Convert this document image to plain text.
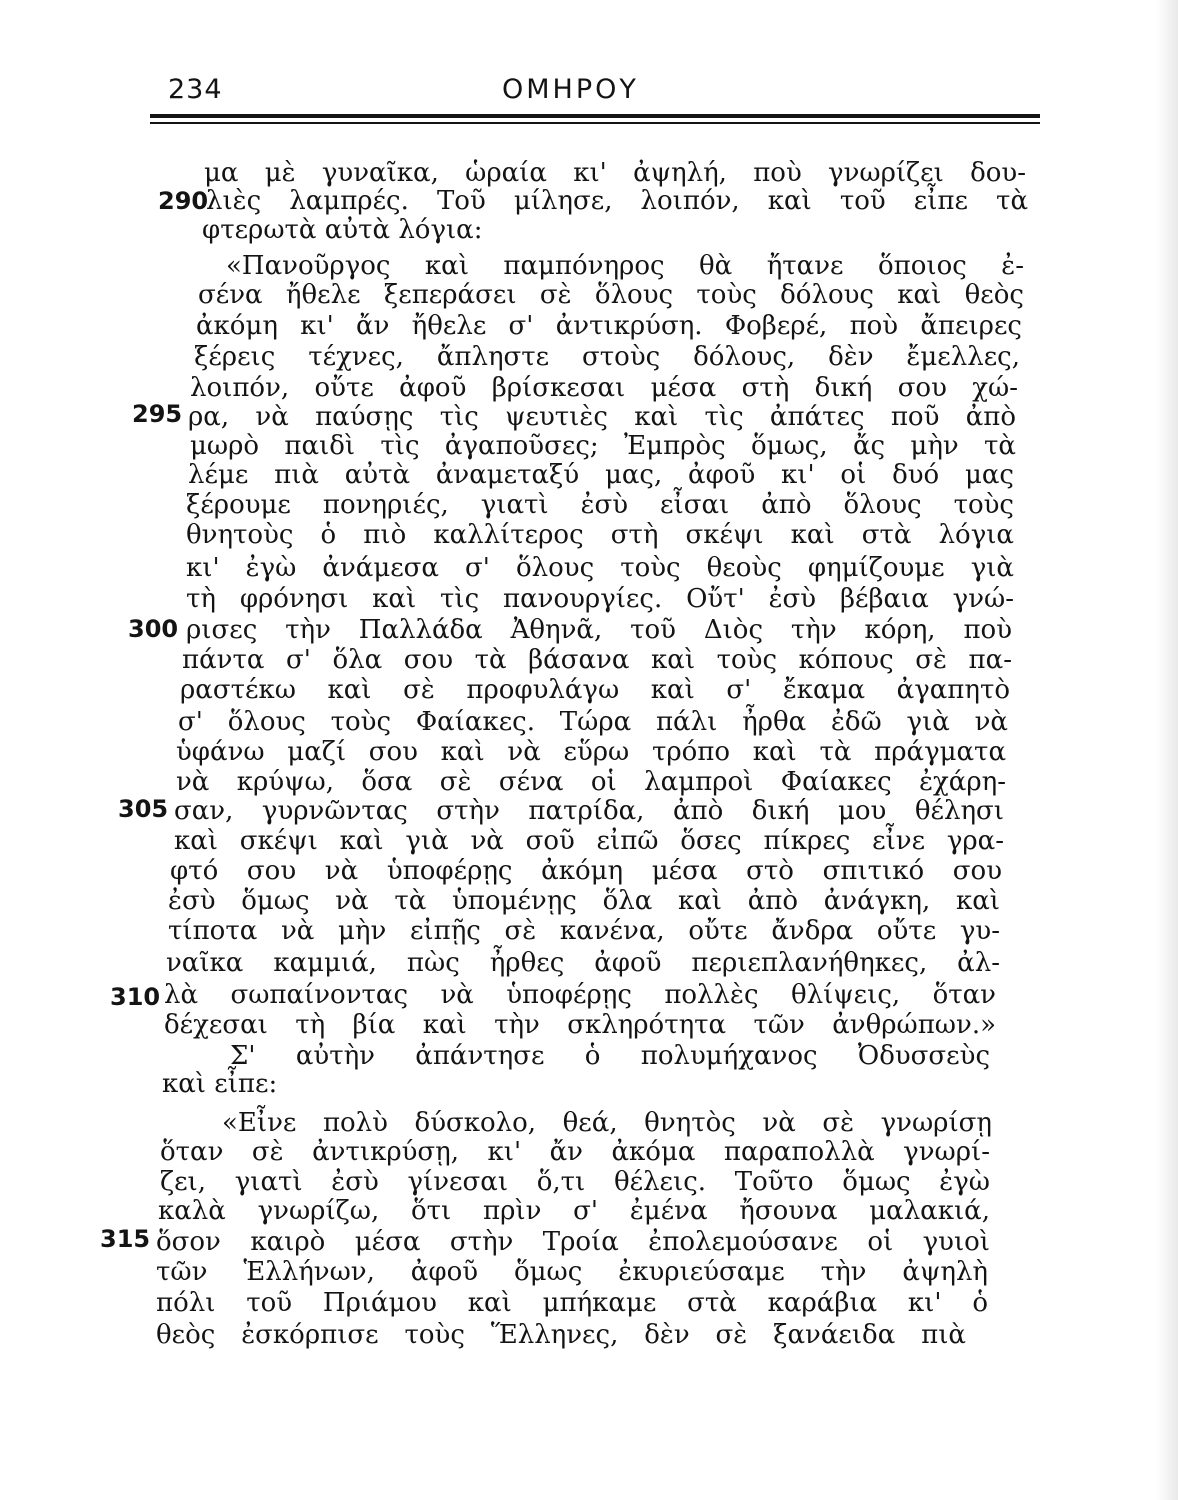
234	ΟΜΗΡΟΥ
290
295
300
305
310
315
μα μὲ γυναῖκα, ὡραία κι' ἀψηλή, ποὺ γνωρίζει δου-
λιὲς λαμπρές. Τοῦ μίλησε, λοιπόν, καὶ τοῦ εἶπε τὰ
φτερωτὰ αὐτὰ λόγια:
«Πανοῦργος καὶ παμπόνηρος θὰ ἤτανε ὅποιος ἐ-
σένα ἤθελε ξεπεράσει σὲ ὅλους τοὺς δόλους καὶ θεὸς
ἀκόμη κι' ἄν ἤθελε σ' ἀντικρύση. Φοβερέ, ποὺ ἄπειρες
ξέρεις τέχνες, ἄπληστε στοὺς δόλους, δὲν ἔμελλες,
λοιπόν, οὔτε ἀφοῦ βρίσκεσαι μέσα στὴ δική σου χώ-
ρα, νὰ παύσῃς τὶς ψευτιὲς καὶ τὶς ἀπάτες ποῦ ἀπὸ
μωρὸ παιδὶ τὶς ἀγαποῦσες; Ἐμπρὸς ὅμως, ἄς μὴν τὰ
λέμε πιὰ αὐτὰ ἀναμεταξύ μας, ἀφοῦ κι' οἱ δυό μας
ξέρουμε πονηριές, γιατὶ ἐσὺ εἶσαι ἀπὸ ὅλους τοὺς
θνητοὺς ὁ πιὸ καλλίτερος στὴ σκέψι καὶ στὰ λόγια
κι' ἐγὼ ἀνάμεσα σ' ὅλους τοὺς θεοὺς φημίζουμε γιὰ
τὴ φρόνησι καὶ τὶς πανουργίες. Οὔτ' ἐσὺ βέβαια γνώ-
ρισες τὴν Παλλάδα Ἀθηνᾶ, τοῦ Διὸς τὴν κόρη, ποὺ
πάντα σ' ὅλα σου τὰ βάσανα καὶ τοὺς κόπους σὲ πα-
ραστέκω καὶ σὲ προφυλάγω καὶ σ' ἔκαμα ἀγαπητὸ
σ' ὅλους τοὺς Φαίακες. Τώρα πάλι ἦρθα ἐδῶ γιὰ νὰ
ὑφάνω μαζί σου καὶ νὰ εὕρω τρόπο καὶ τὰ πράγματα
νὰ κρύψω, ὅσα σὲ σένα οἱ λαμπροὶ Φαίακες ἐχάρη-
σαν, γυρνῶντας στὴν πατρίδα, ἀπὸ δική μου θέλησι
καὶ σκέψι καὶ γιὰ νὰ σοῦ εἰπῶ ὅσες πίκρες εἶνε γρα-
φτό σου νὰ ὑποφέρῃς ἀκόμη μέσα στὸ σπιτικό σου
ἐσὺ ὅμως νὰ τὰ ὑπομένῃς ὅλα καὶ ἀπὸ ἀνάγκη, καὶ
τίποτα νὰ μὴν εἰπῇς σὲ κανένα, οὔτε ἄνδρα οὔτε γυ-
ναῖκα καμμιά, πὼς ἦρθες ἀφοῦ περιεπλανήθηκες, ἀλ-
λὰ σωπαίνοντας νὰ ὑποφέρῃς πολλὲς θλίψεις, ὅταν
δέχεσαι τὴ βία καὶ τὴν σκληρότητα τῶν ἀνθρώπων.»
Σ' αὐτὴν ἀπάντησε ὁ πολυμήχανος Ὀδυσσεὺς
καὶ εἶπε:
«Εἶνε πολὺ δύσκολο, θεά, θνητὸς νὰ σὲ γνωρίσῃ
ὅταν σὲ ἀντικρύσῃ, κι' ἄν ἀκόμα παραπολλὰ γνωρί-
ζει, γιατὶ ἐσὺ γίνεσαι ὅ,τι θέλεις. Τοῦτο ὅμως ἐγὼ
καλὰ γνωρίζω, ὅτι πρὶν σ' ἐμένα ἤσουνα μαλακιά,
ὅσον καιρὸ μέσα στὴν Τροία ἐπολεμούσανε οἱ γυιοὶ
τῶν Ἑλλήνων, ἀφοῦ ὅμως ἐκυριεύσαμε τὴν ἀψηλὴ
πόλι τοῦ Πριάμου καὶ μπήκαμε στὰ καράβια κι' ὁ
θεὸς ἐσκόρπισε τοὺς Ἕλληνες, δὲν σὲ ξανάειδα πιὰ
